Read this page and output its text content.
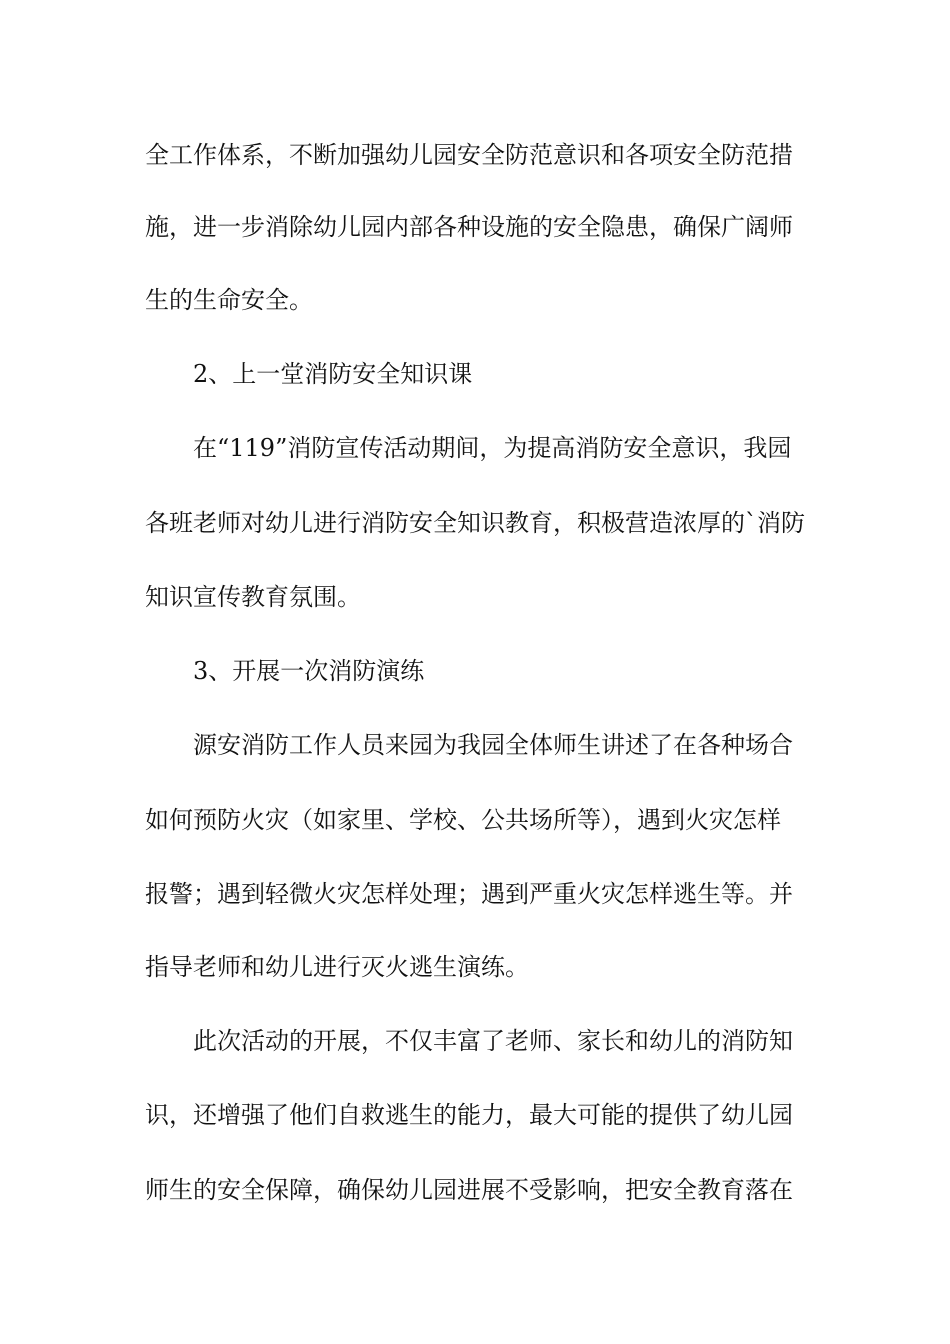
全工作体系，不断加强幼儿园安全防范意识和各项安全防范措
施，进一步消除幼儿园内部各种设施的安全隐患，确保广阔师
生的生命安全。
2、上一堂消防安全知识课
在“119”消防宣传活动期间，为提高消防安全意识，我园
各班老师对幼儿进行消防安全知识教育，积极营造浓厚的`消防
知识宣传教育氛围。
3、开展一次消防演练
源安消防工作人员来园为我园全体师生讲述了在各种场合
如何预防火灾（如家里、学校、公共场所等），遇到火灾怎样
报警；遇到轻微火灾怎样处理；遇到严重火灾怎样逃生等。并
指导老师和幼儿进行灭火逃生演练。
此次活动的开展，不仅丰富了老师、家长和幼儿的消防知
识，还增强了他们自救逃生的能力，最大可能的提供了幼儿园
师生的安全保障，确保幼儿园进展不受影响，把安全教育落在
